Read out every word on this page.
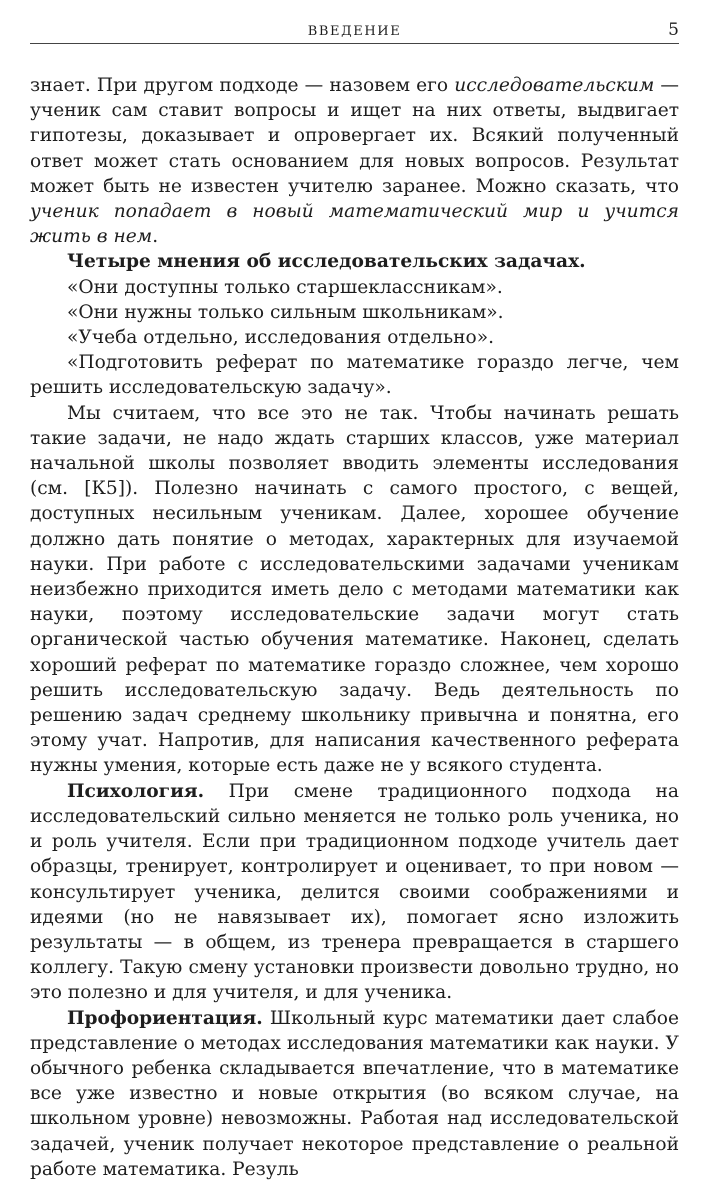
ВВЕДЕНИЕ	5

знает. При другом подходе — назовем его исследовательским — ученик сам ставит вопросы и ищет на них ответы, выдвигает гипотезы, доказывает и опровергает их. Всякий полученный ответ может стать основанием для новых вопросов. Результат может быть не известен учителю заранее. Можно сказать, что ученик попадает в новый математический мир и учится жить в нем.

Четыре мнения об исследовательских задачах.

«Они доступны только старшеклассникам».

«Они нужны только сильным школьникам».

«Учеба отдельно, исследования отдельно».

«Подготовить реферат по математике гораздо легче, чем решить исследовательскую задачу».

Мы считаем, что все это не так. Чтобы начинать решать такие задачи, не надо ждать старших классов, уже материал начальной школы позволяет вводить элементы исследования (см. [К5]). Полезно начинать с самого простого, с вещей, доступных несильным ученикам. Далее, хорошее обучение должно дать понятие о методах, характерных для изучаемой науки. При работе с исследовательскими задачами ученикам неизбежно приходится иметь дело с методами математики как науки, поэтому исследовательские задачи могут стать органической частью обучения математике. Наконец, сделать хороший реферат по математике гораздо сложнее, чем хорошо решить исследовательскую задачу. Ведь деятельность по решению задач среднему школьнику привычна и понятна, его этому учат. Напротив, для написания качественного реферата нужны умения, которые есть даже не у всякого студента.

Психология. При смене традиционного подхода на исследовательский сильно меняется не только роль ученика, но и роль учителя. Если при традиционном подходе учитель дает образцы, тренирует, контролирует и оценивает, то при новом — консультирует ученика, делится своими соображениями и идеями (но не навязывает их), помогает ясно изложить результаты — в общем, из тренера превращается в старшего коллегу. Такую смену установки произвести довольно трудно, но это полезно и для учителя, и для ученика.

Профориентация. Школьный курс математики дает слабое представление о методах исследования математики как науки. У обычного ребенка складывается впечатление, что в математике все уже известно и новые открытия (во всяком случае, на школьном уровне) невозможны. Работая над исследовательской задачей, ученик получает некоторое представление о реальной работе математика. Резуль
